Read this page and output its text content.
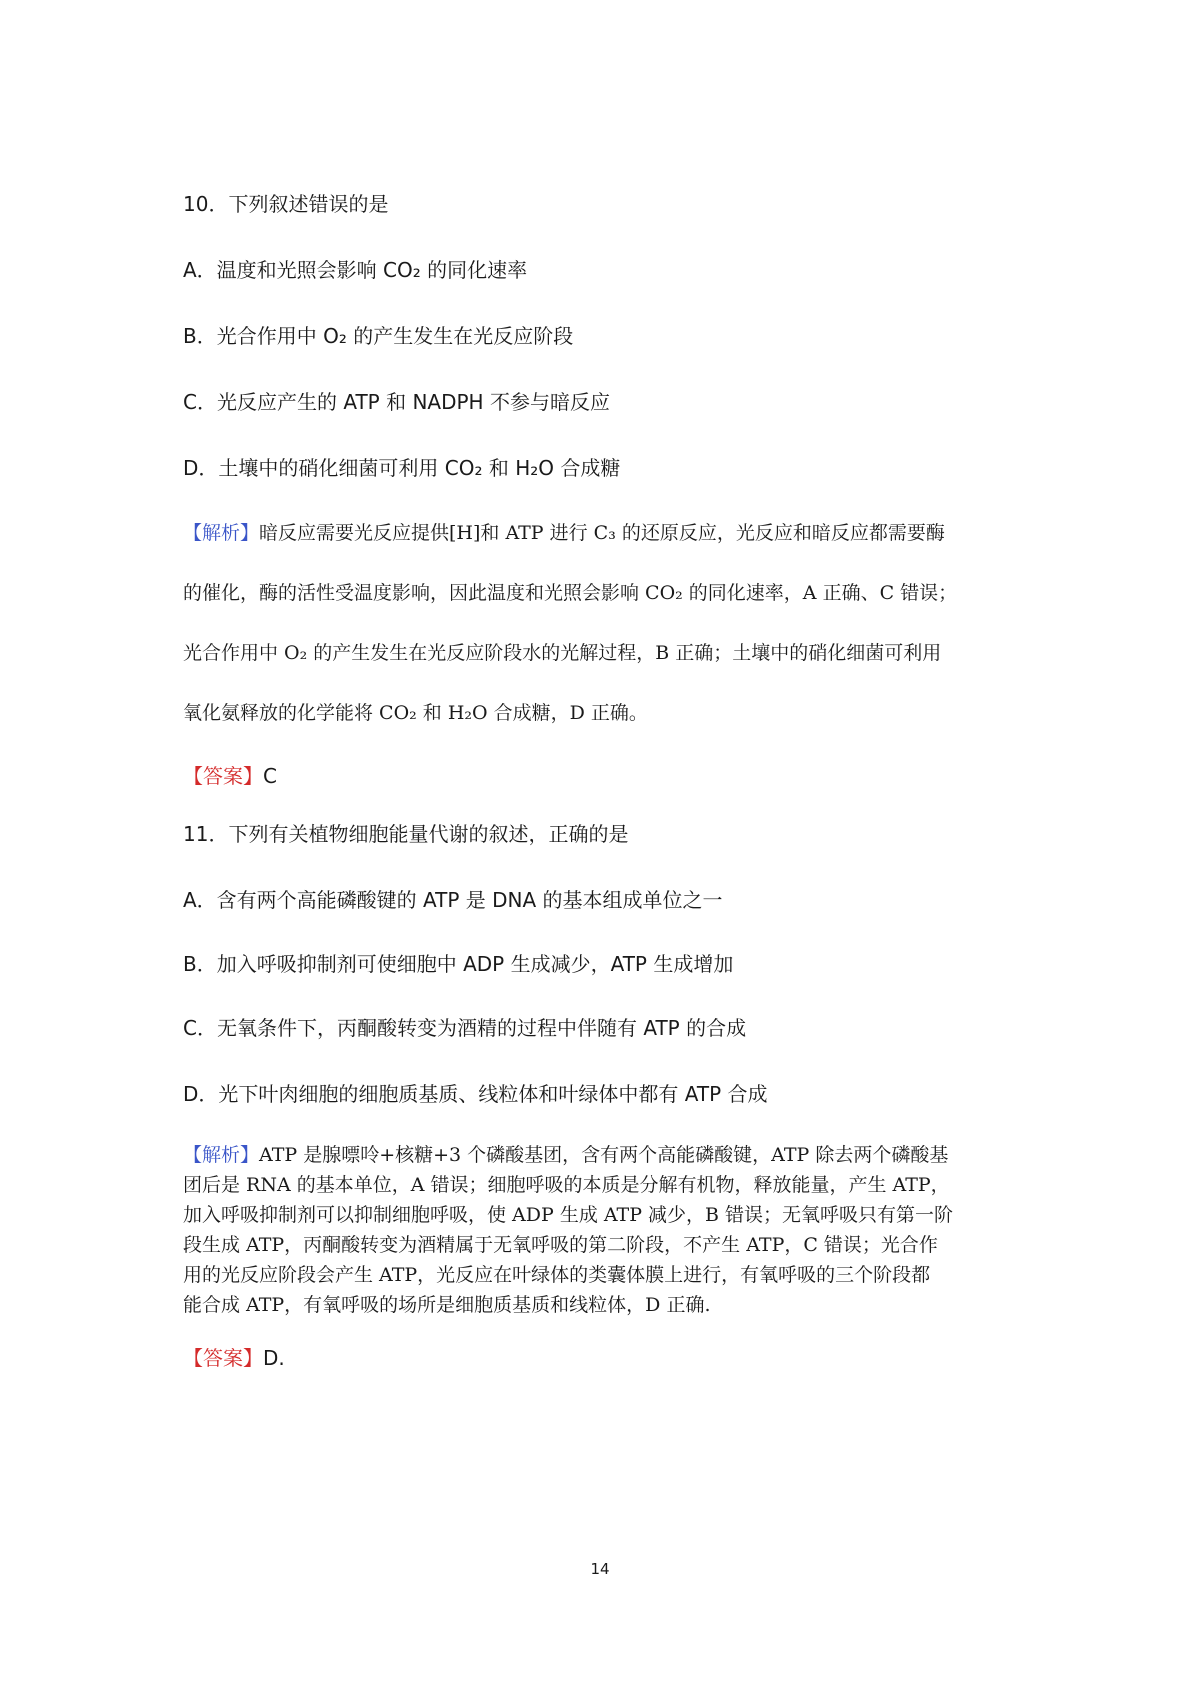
10．下列叙述错误的是
A．温度和光照会影响 CO₂ 的同化速率
B．光合作用中 O₂ 的产生发生在光反应阶段
C．光反应产生的 ATP 和 NADPH 不参与暗反应
D．土壤中的硝化细菌可利用 CO₂ 和 H₂O 合成糖
【解析】暗反应需要光反应提供[H]和 ATP 进行 C₃ 的还原反应，光反应和暗反应都需要酶
的催化，酶的活性受温度影响，因此温度和光照会影响 CO₂ 的同化速率，A 正确、C 错误；
光合作用中 O₂ 的产生发生在光反应阶段水的光解过程，B 正确；土壤中的硝化细菌可利用
氧化氨释放的化学能将 CO₂ 和 H₂O 合成糖，D 正确。
【答案】C
11．下列有关植物细胞能量代谢的叙述，正确的是
A．含有两个高能磷酸键的 ATP 是 DNA 的基本组成单位之一
B．加入呼吸抑制剂可使细胞中 ADP 生成减少，ATP 生成增加
C．无氧条件下，丙酮酸转变为酒精的过程中伴随有 ATP 的合成
D．光下叶肉细胞的细胞质基质、线粒体和叶绿体中都有 ATP 合成
【解析】ATP 是腺嘌呤+核糖+3 个磷酸基团，含有两个高能磷酸键，ATP 除去两个磷酸基
团后是 RNA 的基本单位，A 错误；细胞呼吸的本质是分解有机物，释放能量，产生 ATP，
加入呼吸抑制剂可以抑制细胞呼吸，使 ADP 生成 ATP 减少，B 错误；无氧呼吸只有第一阶
段生成 ATP，丙酮酸转变为酒精属于无氧呼吸的第二阶段，不产生 ATP，C 错误；光合作
用的光反应阶段会产生 ATP，光反应在叶绿体的类囊体膜上进行，有氧呼吸的三个阶段都
能合成 ATP，有氧呼吸的场所是细胞质基质和线粒体，D 正确.
【答案】D.
14
